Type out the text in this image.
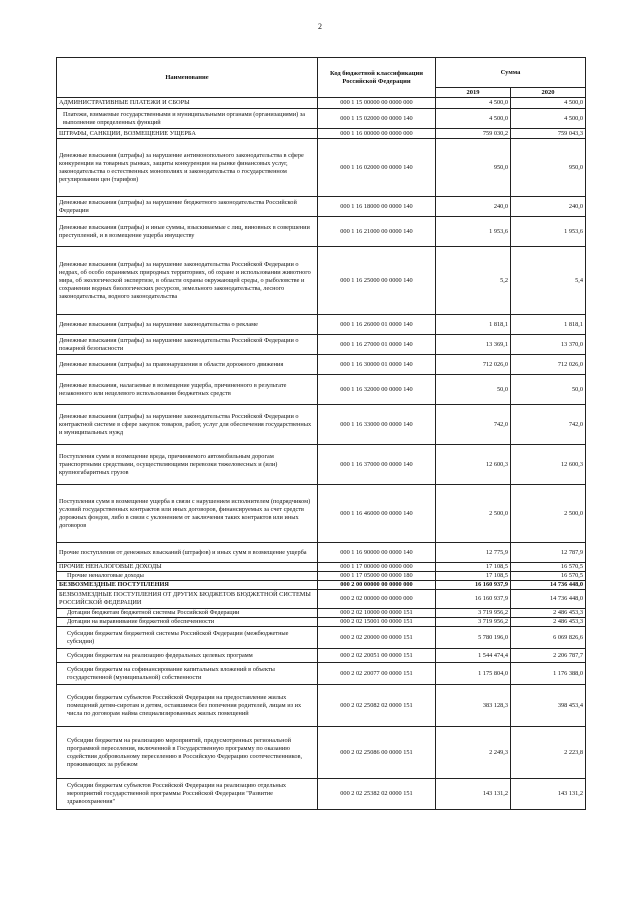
2
Наименование	Код бюджетной классификации Российской Федерации	Сумма	
		2019	2020
АДМИНИСТРАТИВНЫЕ ПЛАТЕЖИ И СБОРЫ	000 1 15 00000 00 0000 000	4 500,0	4 500,0
Платежи, взимаемые государственными и муниципальными органами (организациями) за выполнение определенных функций	000 1 15 02000 00 0000 140	4 500,0	4 500,0
ШТРАФЫ, САНКЦИИ, ВОЗМЕЩЕНИЕ УЩЕРБА	000 1 16 00000 00 0000 000	759 030,2	759 043,3
Денежные взыскания (штрафы) за нарушение антимонопольного законодательства в сфере конкуренции на товарных рынках, защиты конкуренции на рынке финансовых услуг, законодательства о естественных монополиях и законодательства о государственном регулировании цен (тарифов)	000 1 16 02000 00 0000 140	950,0	950,0
Денежные взыскания (штрафы) за нарушение бюджетного законодательства Российской Федерации	000 1 16 18000 00 0000 140	240,0	240,0
Денежные взыскания (штрафы) и иные суммы, взыскиваемые с лиц, виновных в совершении преступлений, и в возмещение ущерба имуществу	000 1 16 21000 00 0000 140	1 953,6	1 953,6
Денежные взыскания (штрафы) за нарушение законодательства Российской Федерации о недрах, об особо охраняемых природных территориях, об охране и использовании животного мира, об экологической экспертизе, в области охраны окружающей среды, о рыболовстве и сохранении водных биологических ресурсов, земельного законодательства, лесного законодательства, водного законодательства	000 1 16 25000 00 0000 140	5,2	5,4
Денежные взыскания (штрафы) за нарушение законодательства о рекламе	000 1 16 26000 01 0000 140	1 818,1	1 818,1
Денежные взыскания (штрафы) за нарушение законодательства Российской Федерации о пожарной безопасности	000 1 16 27000 01 0000 140	13 369,1	13 370,0
Денежные взыскания (штрафы) за правонарушения в области дорожного движения	000 1 16 30000 01 0000 140	712 026,0	712 026,0
Денежные взыскания, налагаемые в возмещение ущерба, причиненного в результате незаконного или нецелевого использования бюджетных средств	000 1 16 32000 00 0000 140	50,0	50,0
Денежные взыскания (штрафы) за нарушение законодательства Российской Федерации о контрактной системе в сфере закупок товаров, работ, услуг для обеспечения государственных и муниципальных нужд	000 1 16 33000 00 0000 140	742,0	742,0
Поступления сумм в возмещение вреда, причиняемого автомобильным дорогам транспортными средствами, осуществляющими перевозки тяжеловесных и (или) крупногабаритных грузов	000 1 16 37000 00 0000 140	12 600,3	12 600,3
Поступления сумм в возмещение ущерба в связи с нарушением исполнителем (подрядчиком) условий государственных контрактов или иных договоров, финансируемых за счет средств дорожных фондов, либо в связи с уклонением от заключения таких контрактов или иных договоров	000 1 16 46000 00 0000 140	2 500,0	2 500,0
Прочие поступления от денежных взысканий (штрафов) и иных сумм в возмещение ущерба	000 1 16 90000 00 0000 140	12 775,9	12 787,9
ПРОЧИЕ НЕНАЛОГОВЫЕ ДОХОДЫ	000 1 17 00000 00 0000 000	17 108,5	16 570,5
Прочие неналоговые доходы	000 1 17 05000 00 0000 180	17 108,5	16 570,5
БЕЗВОЗМЕЗДНЫЕ ПОСТУПЛЕНИЯ	000 2 00 00000 00 0000 000	16 160 937,9	14 736 448,0
БЕЗВОЗМЕЗДНЫЕ ПОСТУПЛЕНИЯ ОТ ДРУГИХ БЮДЖЕТОВ БЮДЖЕТНОЙ СИСТЕМЫ РОССИЙСКОЙ ФЕДЕРАЦИИ	000 2 02 00000 00 0000 000	16 160 937,9	14 736 448,0
Дотации бюджетам бюджетной системы Российской Федерации	000 2 02 10000 00 0000 151	3 719 956,2	2 486 453,3
Дотации на выравнивание бюджетной обеспеченности	000 2 02 15001 00 0000 151	3 719 956,2	2 486 453,3
Субсидии бюджетам бюджетной системы Российской Федерации (межбюджетные субсидии)	000 2 02 20000 00 0000 151	5 780 196,0	6 069 826,6
Субсидии бюджетам на реализацию федеральных целевых программ	000 2 02 20051 00 0000 151	1 544 474,4	2 206 787,7
Субсидии бюджетам на софинансирование капитальных вложений в объекты государственной (муниципальной) собственности	000 2 02 20077 00 0000 151	1 175 804,0	1 176 388,0
Субсидии бюджетам субъектов Российской Федерации на предоставление жилых помещений детям-сиротам и детям, оставшимся без попечения родителей, лицам из их числа по договорам найма специализированных жилых помещений	000 2 02 25082 02 0000 151	383 128,3	398 453,4
Субсидии бюджетам на реализацию мероприятий, предусмотренных региональной программой переселения, включенной в Государственную программу по оказанию содействия добровольному переселению в Российскую Федерацию соотечественников, проживающих за рубежом	000 2 02 25086 00 0000 151	2 249,3	2 223,8
Субсидии бюджетам субъектов Российской Федерации на реализацию отдельных мероприятий государственной программы Российской Федерации "Развитие здравоохранения"	000 2 02 25382 02 0000 151	143 131,2	143 131,2
